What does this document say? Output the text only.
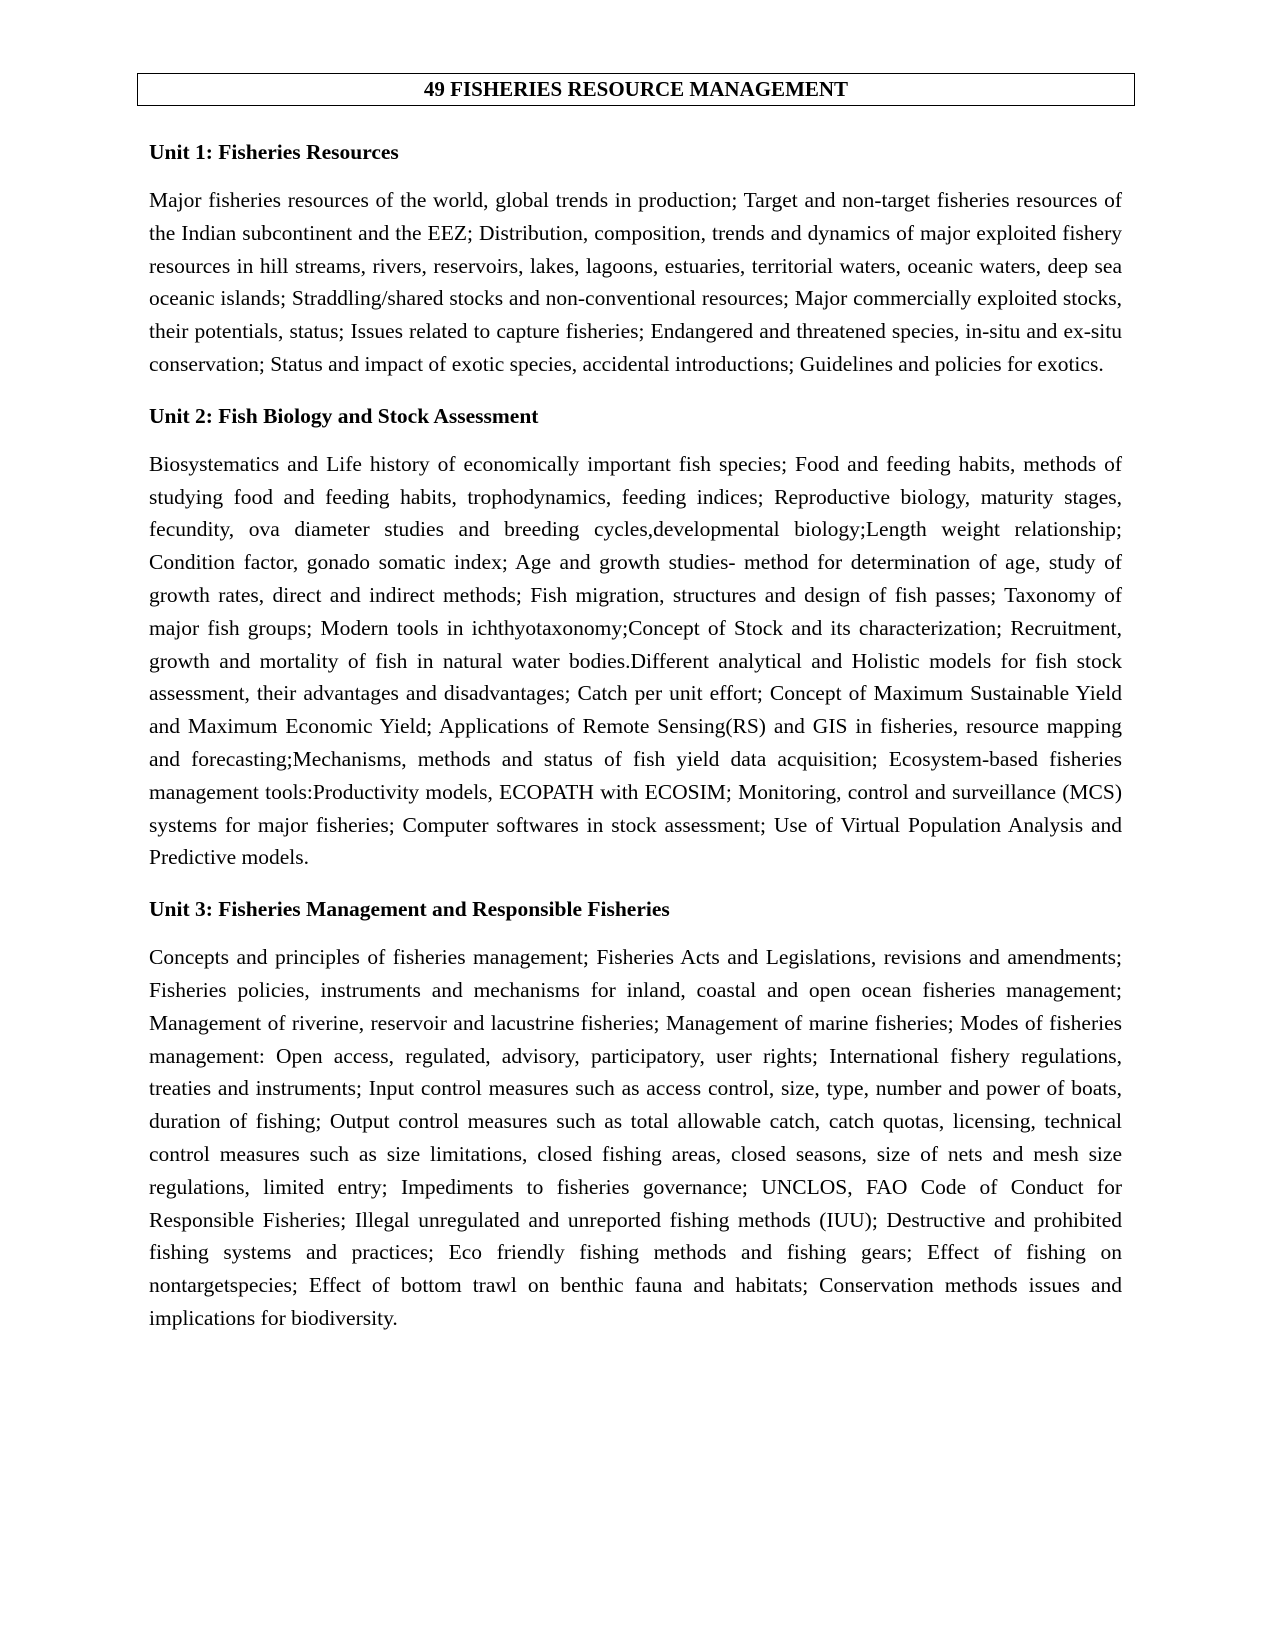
49 FISHERIES RESOURCE MANAGEMENT
Unit 1: Fisheries Resources

Major fisheries resources of the world, global trends in production; Target and non-target fisheries resources of the Indian subcontinent and the EEZ; Distribution, composition, trends and dynamics of major exploited fishery resources in hill streams, rivers, reservoirs, lakes, lagoons, estuaries, territorial waters, oceanic waters, deep sea oceanic islands; Straddling/shared stocks and non-conventional resources; Major commercially exploited stocks, their potentials, status; Issues related to capture fisheries; Endangered and threatened species, in-situ and ex-situ conservation; Status and impact of exotic species, accidental introductions; Guidelines and policies for exotics.

Unit 2: Fish Biology and Stock Assessment

Biosystematics and Life history of economically important fish species; Food and feeding habits, methods of studying food and feeding habits, trophodynamics, feeding indices; Reproductive biology, maturity stages, fecundity, ova diameter studies and breeding cycles,developmental biology;Length weight relationship; Condition factor, gonado somatic index; Age and growth studies- method for determination of age, study of growth rates, direct and indirect methods; Fish migration, structures and design of fish passes; Taxonomy of major fish groups; Modern tools in ichthyotaxonomy;Concept of Stock and its characterization; Recruitment, growth and mortality of fish in natural water bodies.Different analytical and Holistic models for fish stock assessment, their advantages and disadvantages; Catch per unit effort; Concept of Maximum Sustainable Yield and Maximum Economic Yield; Applications of Remote Sensing(RS) and GIS in fisheries, resource mapping and forecasting;Mechanisms, methods and status of fish yield data acquisition; Ecosystem-based fisheries management tools:Productivity models, ECOPATH with ECOSIM; Monitoring, control and surveillance (MCS) systems for major fisheries; Computer softwares in stock assessment; Use of Virtual Population Analysis and Predictive models.

Unit 3: Fisheries Management and Responsible Fisheries

Concepts and principles of fisheries management; Fisheries Acts and Legislations, revisions and amendments; Fisheries policies, instruments and mechanisms for inland, coastal and open ocean fisheries management; Management of riverine, reservoir and lacustrine fisheries; Management of marine fisheries; Modes of fisheries management: Open access, regulated, advisory, participatory, user rights; International fishery regulations, treaties and instruments; Input control measures such as access control, size, type, number and power of boats, duration of fishing; Output control measures such as total allowable catch, catch quotas, licensing, technical control measures such as size limitations, closed fishing areas, closed seasons, size of nets and mesh size regulations, limited entry; Impediments to fisheries governance; UNCLOS, FAO Code of Conduct for Responsible Fisheries; Illegal unregulated and unreported fishing methods (IUU); Destructive and prohibited fishing systems and practices; Eco friendly fishing methods and fishing gears; Effect of fishing on nontargetspecies; Effect of bottom trawl on benthic fauna and habitats; Conservation methods issues and implications for biodiversity.
